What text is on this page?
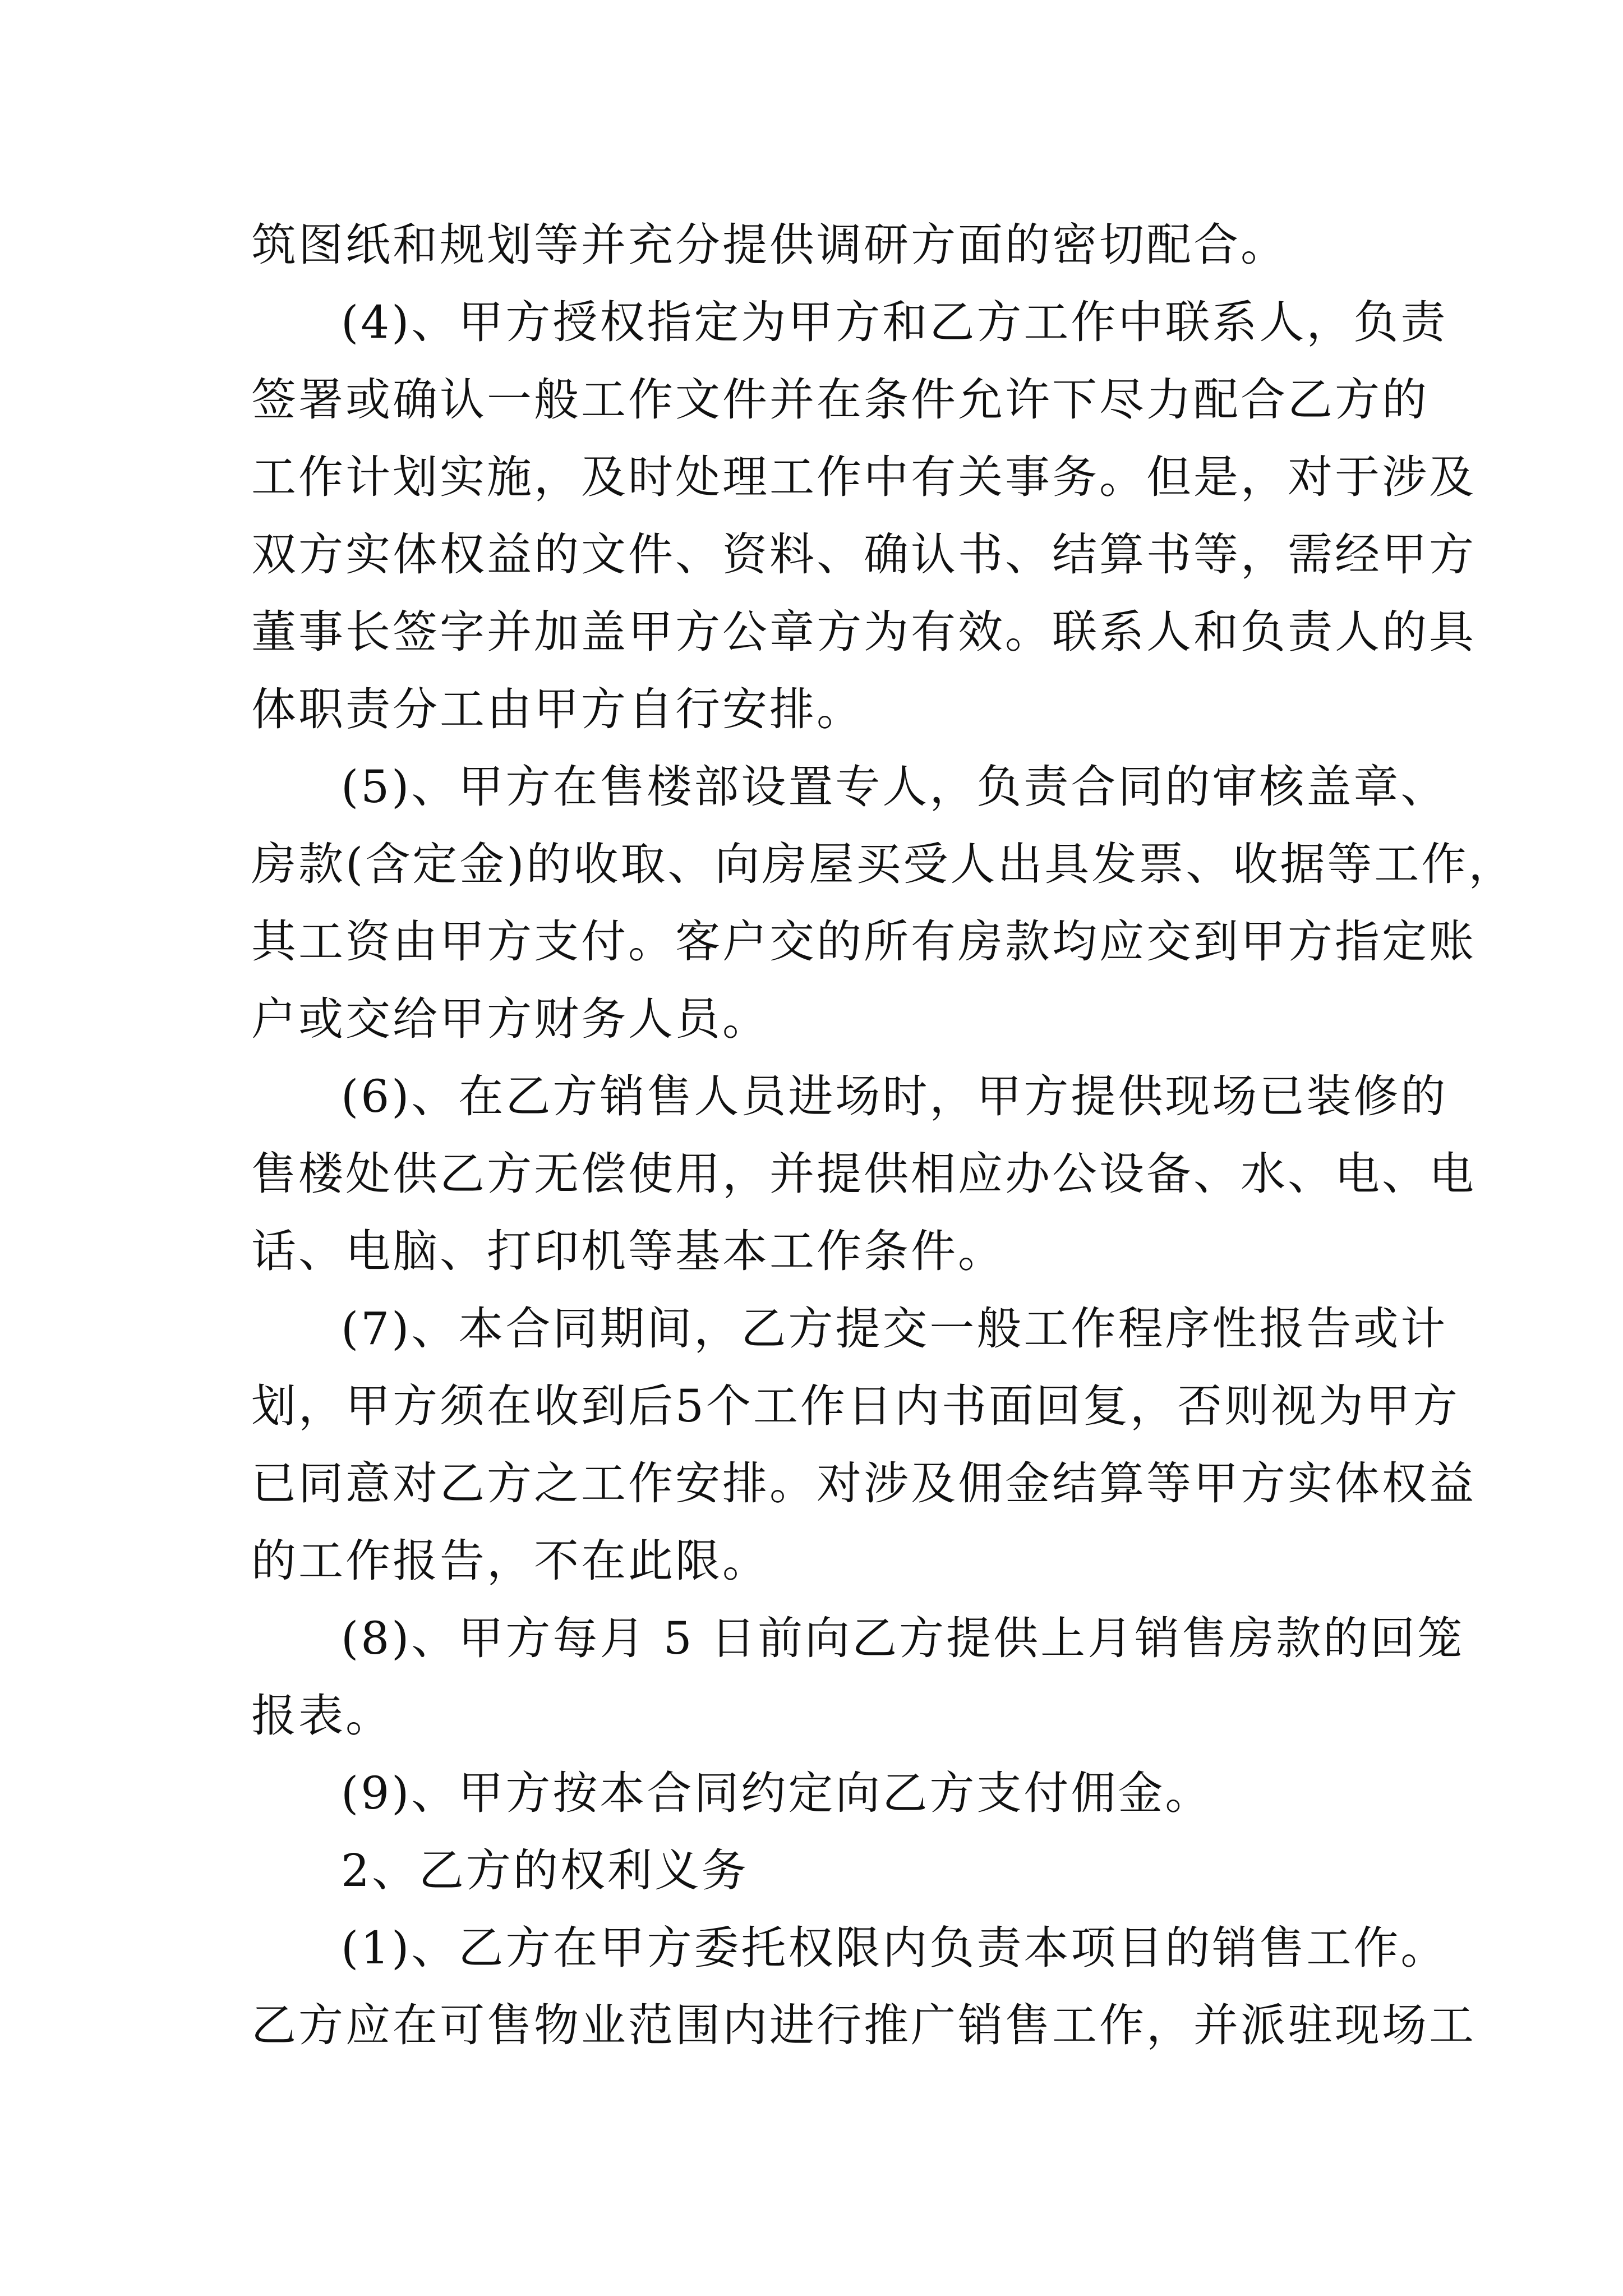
筑图纸和规划等并充分提供调研方面的密切配合。
(4)、甲方授权指定为甲方和乙方工作中联系人，负责
签署或确认一般工作文件并在条件允许下尽力配合乙方的
工作计划实施，及时处理工作中有关事务。但是，对于涉及
双方实体权益的文件、资料、确认书、结算书等，需经甲方
董事长签字并加盖甲方公章方为有效。联系人和负责人的具
体职责分工由甲方自行安排。
(5)、甲方在售楼部设置专人，负责合同的审核盖章、
房款(含定金)的收取、向房屋买受人出具发票、收据等工作，
其工资由甲方支付。客户交的所有房款均应交到甲方指定账
户或交给甲方财务人员。
(6)、在乙方销售人员进场时，甲方提供现场已装修的
售楼处供乙方无偿使用，并提供相应办公设备、水、电、电
话、电脑、打印机等基本工作条件。
(7)、本合同期间，乙方提交一般工作程序性报告或计
划，甲方须在收到后5个工作日内书面回复，否则视为甲方
已同意对乙方之工作安排。对涉及佣金结算等甲方实体权益
的工作报告，不在此限。
(8)、甲方每月 5 日前向乙方提供上月销售房款的回笼
报表。
(9)、甲方按本合同约定向乙方支付佣金。
2、乙方的权利义务
(1)、乙方在甲方委托权限内负责本项目的销售工作。
乙方应在可售物业范围内进行推广销售工作，并派驻现场工
